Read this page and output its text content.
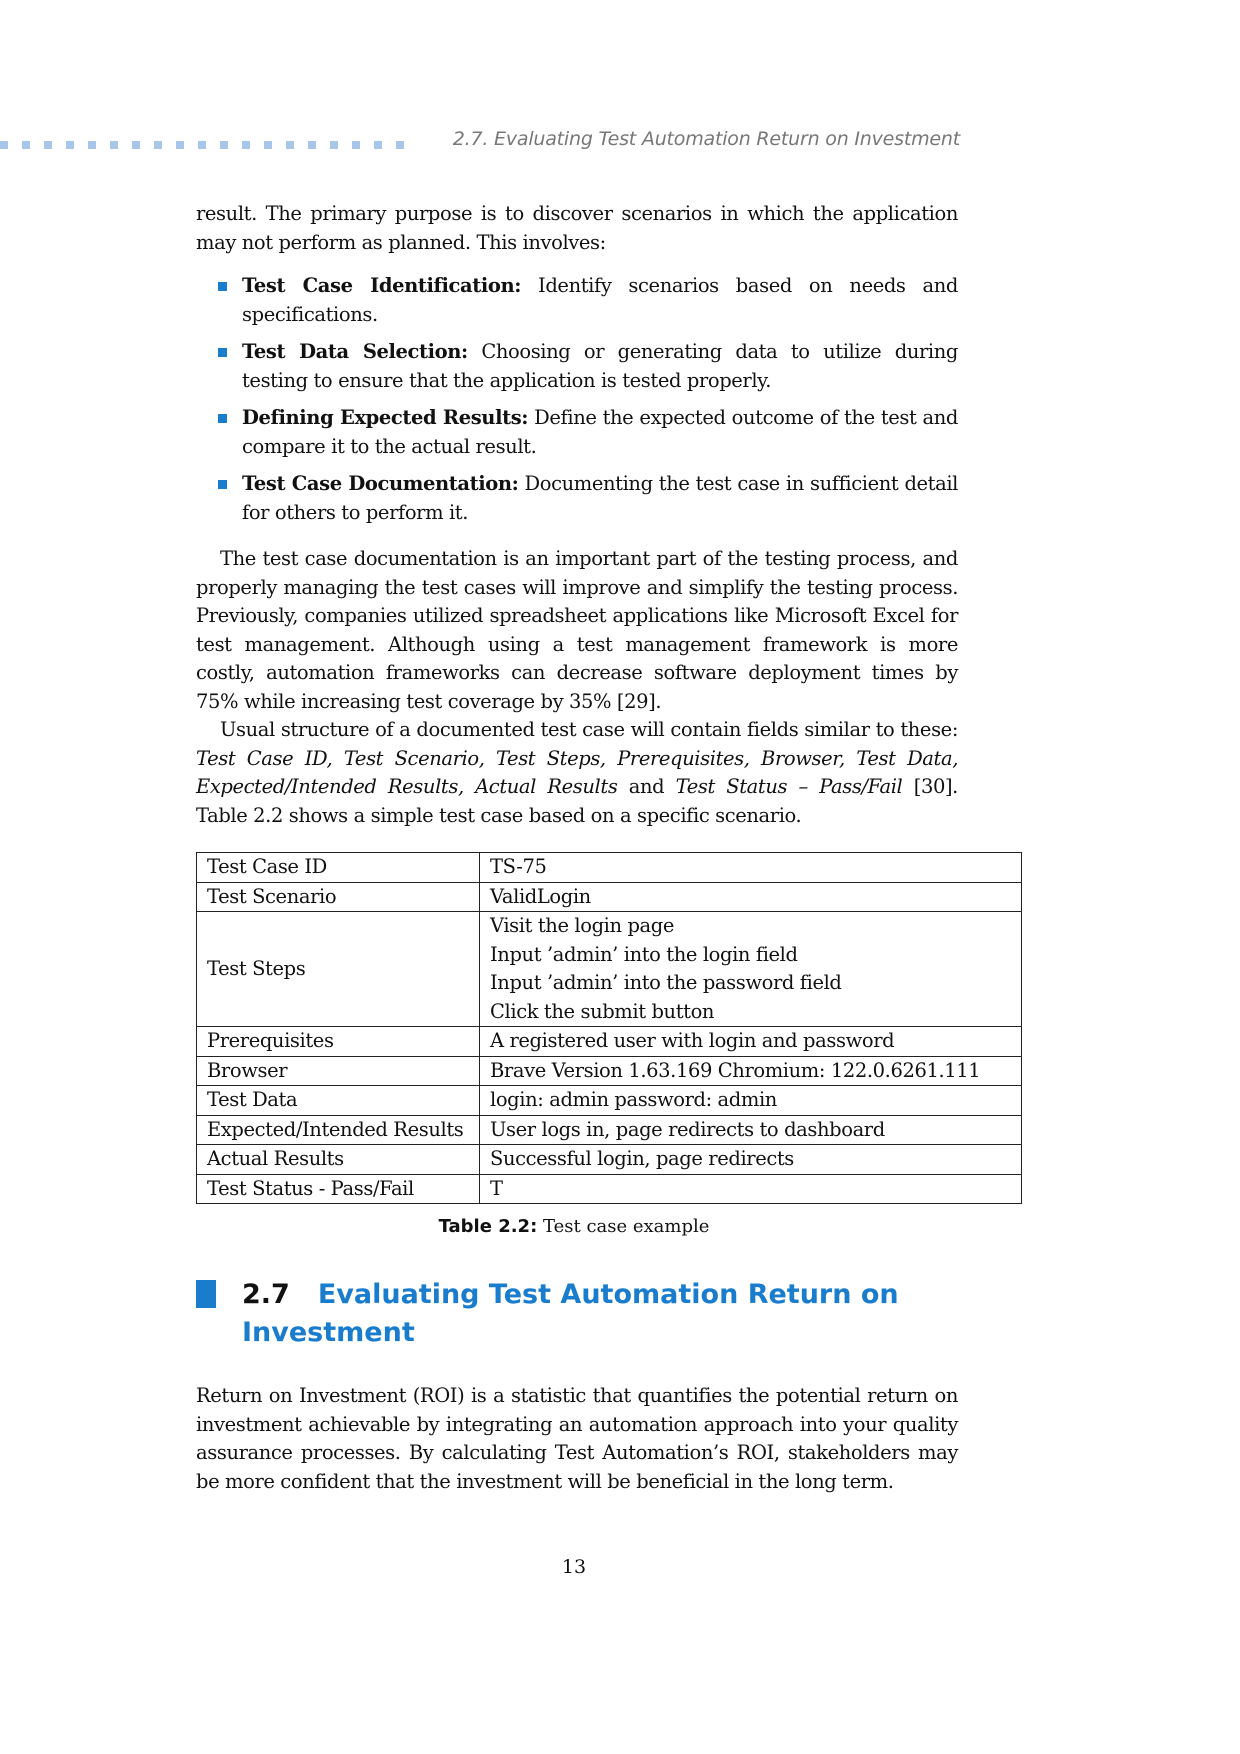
2.7. Evaluating Test Automation Return on Investment

result. The primary purpose is to discover scenarios in which the application may not perform as planned. This involves:

Test Case Identification: Identify scenarios based on needs and specifications.
Test Data Selection: Choosing or generating data to utilize during testing to ensure that the application is tested properly.
Defining Expected Results: Define the expected outcome of the test and compare it to the actual result.
Test Case Documentation: Documenting the test case in sufficient detail for others to perform it.

The test case documentation is an important part of the testing process, and properly managing the test cases will improve and simplify the testing process. Previously, companies utilized spreadsheet applications like Microsoft Excel for test management. Although using a test management framework is more costly, automation frameworks can decrease software deployment times by 75% while increasing test coverage by 35% [29].

Usual structure of a documented test case will contain fields similar to these: Test Case ID, Test Scenario, Test Steps, Prerequisites, Browser, Test Data, Expected/Intended Results, Actual Results and Test Status – Pass/Fail [30]. Table 2.2 shows a simple test case based on a specific scenario.

Test Case ID	TS-75
Test Scenario	ValidLogin
Test Steps	Visit the login page
Input ’admin’ into the login field
Input ’admin’ into the password field
Click the submit button

Prerequisites	A registered user with login and password
Browser	Brave Version 1.63.169 Chromium: 122.0.6261.111
Test Data	login: admin password: admin
Expected/Intended Results	User logs in, page redirects to dashboard
Actual Results	Successful login, page redirects
Test Status - Pass/Fail	T
Table 2.2: Test case example
2.7 Evaluating Test Automation Return on Investment

Return on Investment (ROI) is a statistic that quantifies the potential return on investment achievable by integrating an automation approach into your quality assurance processes. By calculating Test Automation’s ROI, stakeholders may be more confident that the investment will be beneficial in the long term.

13
